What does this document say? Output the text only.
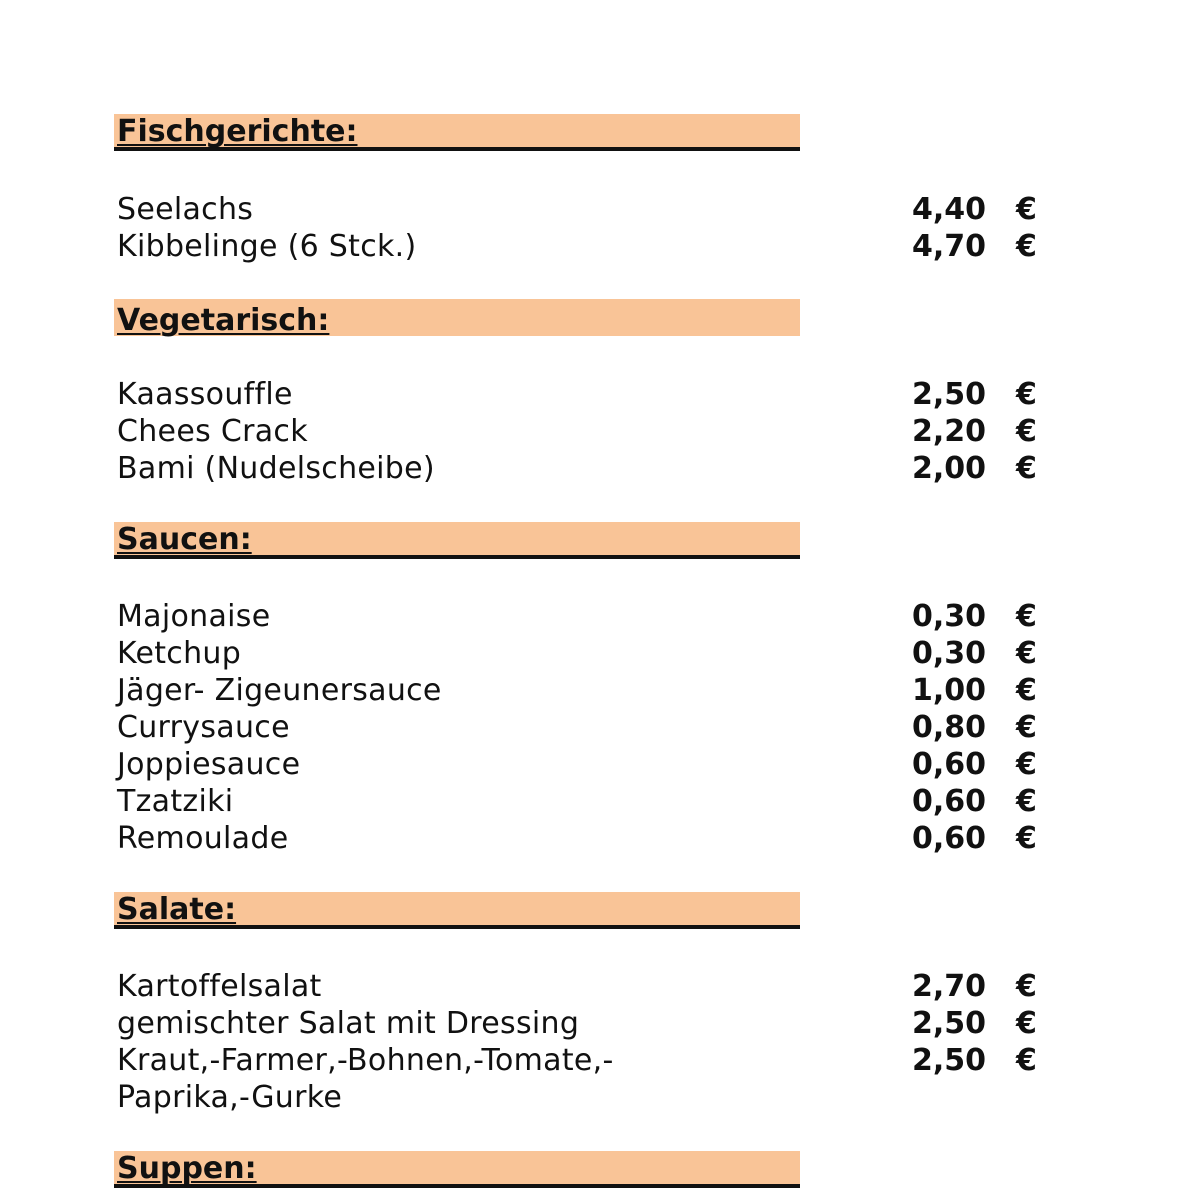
Fischgerichte:
Seelachs	4,40 €
Kibbelinge (6 Stck.)	4,70 €
Vegetarisch:
Kaassouffle	2,50 €
Chees Crack	2,20 €
Bami (Nudelscheibe)	2,00 €
Saucen:
Majonaise	0,30 €
Ketchup	0,30 €
Jäger- Zigeunersauce	1,00 €
Currysauce	0,80 €
Joppiesauce	0,60 €
Tzatziki	0,60 €
Remoulade	0,60 €
Salate:
Kartoffelsalat	2,70 €
gemischter Salat mit Dressing	2,50 €
Kraut,-Farmer,-Bohnen,-Tomate,-	2,50 €
Paprika,-Gurke
Suppen:
